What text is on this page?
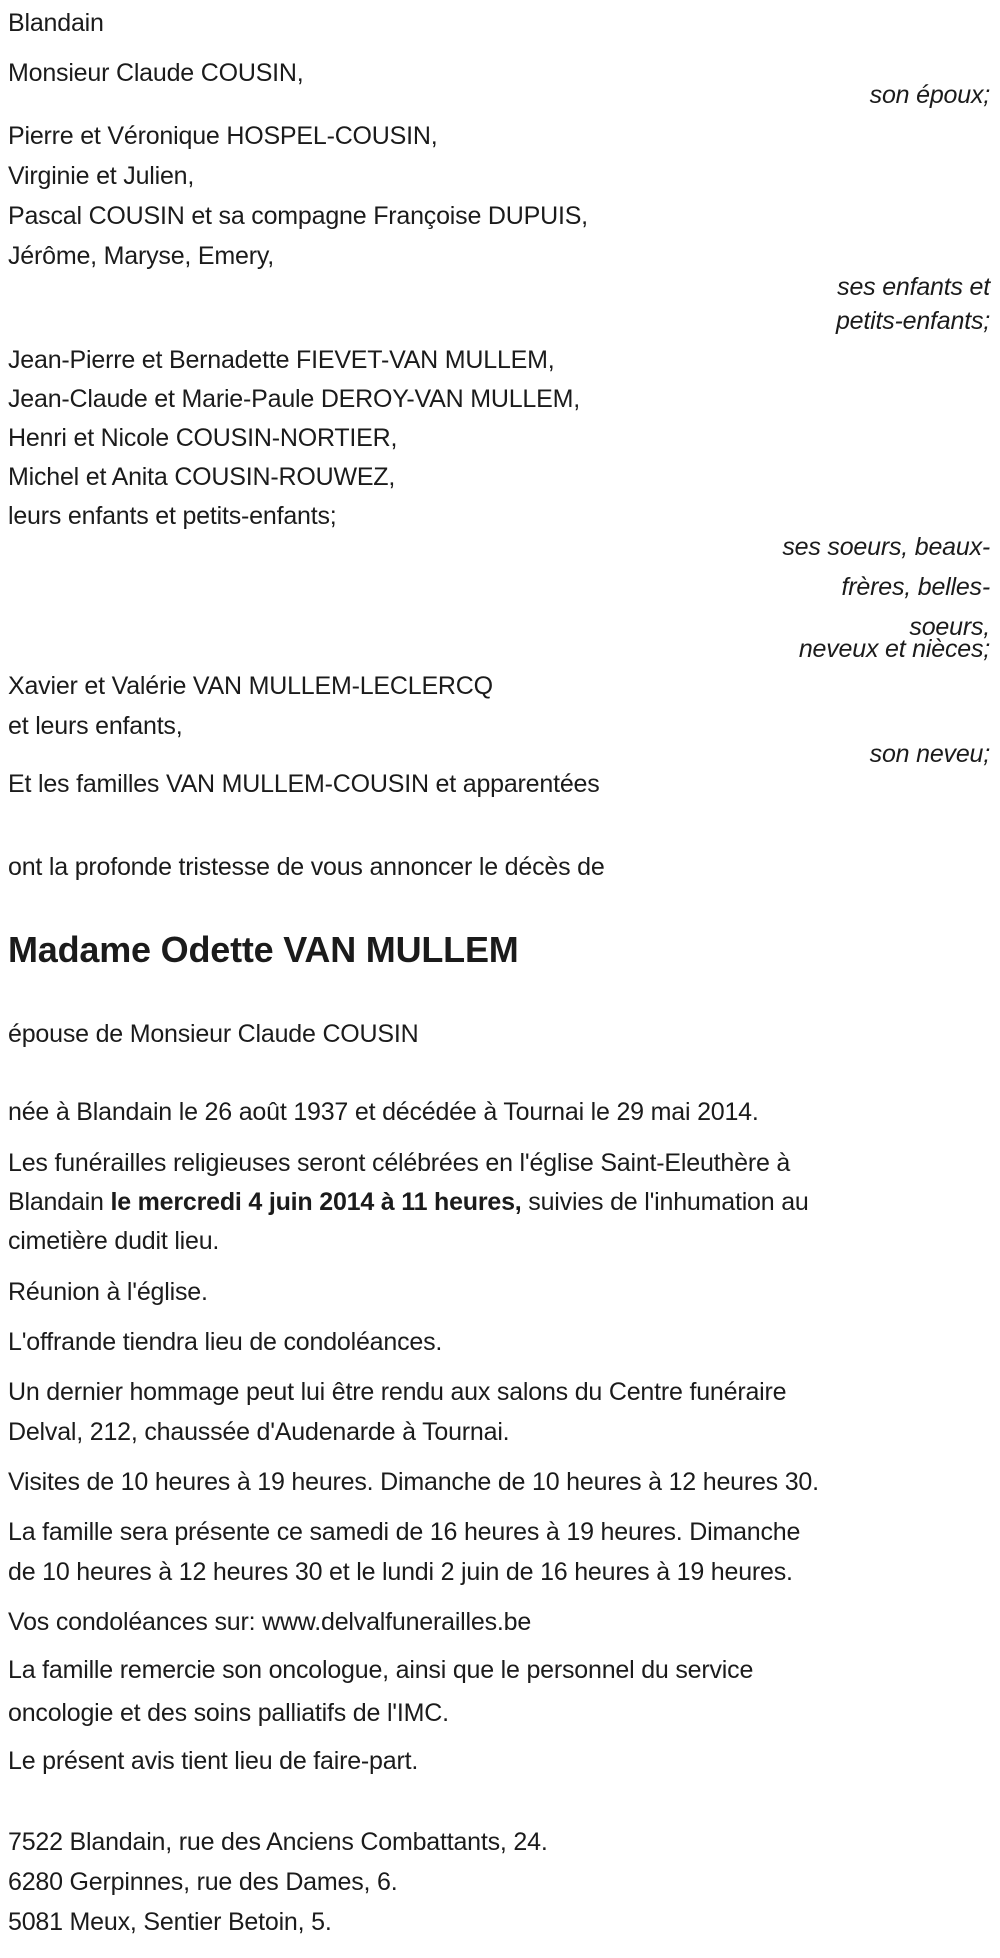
Blandain
Monsieur Claude COUSIN,
son époux;
Pierre et Véronique HOSPEL-COUSIN,
Virginie et Julien,
Pascal COUSIN et sa compagne Françoise DUPUIS,
Jérôme, Maryse, Emery,
ses enfants et
petits-enfants;
Jean-Pierre et Bernadette FIEVET-VAN MULLEM,
Jean-Claude et Marie-Paule DEROY-VAN MULLEM,
Henri et Nicole COUSIN-NORTIER,
Michel et Anita COUSIN-ROUWEZ,
leurs enfants et petits-enfants;
ses soeurs, beaux-
frères, belles-
soeurs,
neveux et nièces;
Xavier et Valérie VAN MULLEM-LECLERCQ
et leurs enfants,
son neveu;
Et les familles VAN MULLEM-COUSIN et apparentées
ont la profonde tristesse de vous annoncer le décès de
Madame Odette VAN MULLEM
épouse de Monsieur Claude COUSIN
née à Blandain le 26 août 1937 et décédée à Tournai le 29 mai 2014.
Les funérailles religieuses seront célébrées en l'église Saint-Eleuthère à
Blandain le mercredi 4 juin 2014 à 11 heures, suivies de l'inhumation au
cimetière dudit lieu.
Réunion à l'église.
L'offrande tiendra lieu de condoléances.
Un dernier hommage peut lui être rendu aux salons du Centre funéraire
Delval, 212, chaussée d'Audenarde à Tournai.
Visites de 10 heures à 19 heures. Dimanche de 10 heures à 12 heures 30.
La famille sera présente ce samedi de 16 heures à 19 heures. Dimanche
de 10 heures à 12 heures 30 et le lundi 2 juin de 16 heures à 19 heures.
Vos condoléances sur: www.delvalfunerailles.be
La famille remercie son oncologue, ainsi que le personnel du service
oncologie et des soins palliatifs de l'IMC.
Le présent avis tient lieu de faire-part.
7522 Blandain, rue des Anciens Combattants, 24.
6280 Gerpinnes, rue des Dames, 6.
5081 Meux, Sentier Betoin, 5.
